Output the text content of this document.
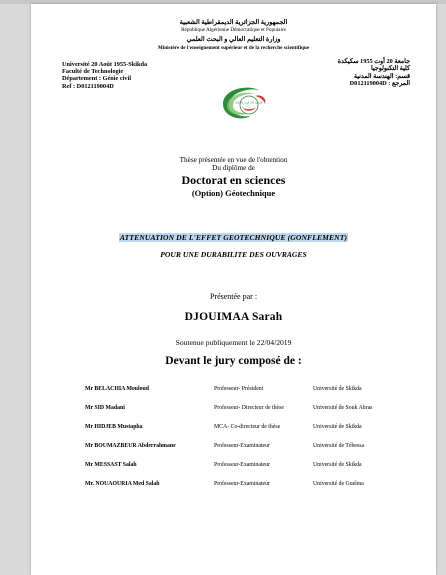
الجمهورية الجزائرية الديمقراطية الشعبية
République Algérienne Démocratique et Populaire
وزارة التعليم العالي و البحث العلمي
Ministère de l'enseignement supérieur et de la recherche scientifique
Université 20 Août 1955-Skikda
Faculté de Technologie
Département : Génie civil
Ref : D012119004D
جامعة 20 أوت 1955 سكيكدة
كلية التكنولوجيا
قسم: الهندسة المدنية
D012119004D : المرجع
جامعة 20 أوت 1955
Thèse présentée en vue de l'obtention
Du diplôme de
Doctorat en sciences
(Option) Géotechnique
ATTENUATION DE L'EFFET GEOTECHNIQUE (GONFLEMENT)
POUR UNE DURABILITE DES OUVRAGES
Présentée par :
DJOUIMAA Sarah
Soutenue publiquement le 22/04/2019
Devant le jury composé de :
Mr BELACHIA Mouloud	Professeur- Président	Université de Skikda
Mr SID Madani	Professeur- Directeur de thèse	Université de Souk Ahras
Mr HIDJEB Mustapha	MCA- Co-directeur de thèse	Université de Skikda
Mr BOUMAZBEUR Abderrahmane	Professeur-Examinateur	Université de Tébessa
Mr MESSAST Salah	Professeur-Examinateur	Université de Skikda
Mr. NOUAOURIA Med Salah	Professeur-Examinateur	Université de Guelma
